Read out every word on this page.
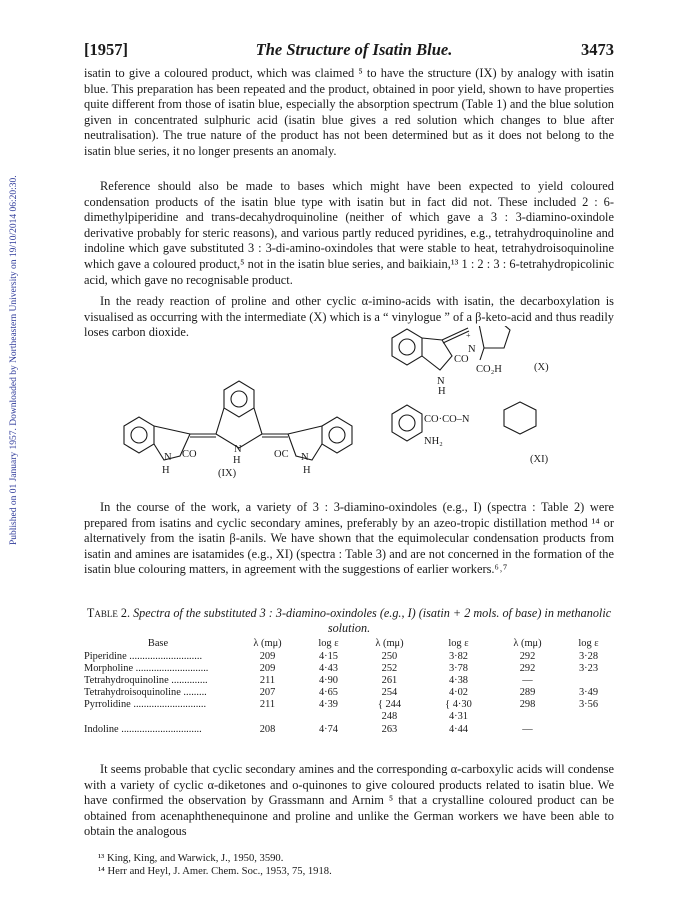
Published on 01 January 1957. Downloaded by Northeastern University on 19/10/2014 06:20:30.
[1957]	The Structure of Isatin Blue.	3473

isatin to give a coloured product, which was claimed ⁵ to have the structure (IX) by analogy with isatin blue. This preparation has been repeated and the product, obtained in poor yield, shown to have properties quite different from those of isatin blue, especially the absorption spectrum (Table 1) and the blue solution given in concentrated sulphuric acid (isatin blue gives a red solution which changes to blue after neutralisation). The true nature of the product has not been determined but as it does not belong to the isatin blue series, it no longer presents an anomaly.

Reference should also be made to bases which might have been expected to yield coloured condensation products of the isatin blue type with isatin but in fact did not. These included 2 : 6-dimethylpiperidine and trans-decahydroquinoline (neither of which gave a 3 : 3-diamino-oxindole derivative probably for steric reasons), and various partly reduced pyridines, e.g., tetrahydroquinoline and indoline which gave substituted 3 : 3-di-amino-oxindoles that were stable to heat, tetrahydroisoquinoline which gave a coloured product,⁵ not in the isatin blue series, and baikiain,¹³ 1 : 2 : 3 : 6-tetrahydropicolinic acid, which gave no recognisable product.

In the ready reaction of proline and other cyclic α-imino-acids with isatin, the decarboxylation is visualised as occurring with the intermediate (X) which is a “ vinylogue ” of a β-keto-acid and thus readily loses carbon dioxide.

N
H
CO	N
H
OC N
H
(IX)
N
H
CO
N
+
CO₂H	(X)
CO·CO–N
NH₂
(XI)

In the course of the work, a variety of 3 : 3-diamino-oxindoles (e.g., I) (spectra : Table 2) were prepared from isatins and cyclic secondary amines, preferably by an azeo-tropic distillation method ¹⁴ or alternatively from the isatin β-anils. We have shown that the equimolecular condensation products from isatin and amines are isatamides (e.g., XI) (spectra : Table 3) and are not concerned in the formation of the isatin blue colouring matters, in agreement with the suggestions of earlier workers.⁶˒⁷

Table 2. Spectra of the substituted 3 : 3-diamino-oxindoles (e.g., I) (isatin + 2 mols. of base) in methanolic solution.
Base	λ (mμ)	log ε	λ (mμ)	log ε	λ (mμ)	log ε
Piperidine ............................	209	4·15	250	3·82	292	3·28
Morpholine ............................	209	4·43	252	3·78	292	3·23
Tetrahydroquinoline ..............	211	4·90	261	4·38	—	
Tetrahydroisoquinoline .........	207	4·65	254	4·02	289	3·49
Pyrrolidine ............................	211	4·39	{ 244	{ 4·30	298	3·56
			248	4·31		
Indoline ...............................	208	4·74	263	4·44	—	

It seems probable that cyclic secondary amines and the corresponding α-carboxylic acids will condense with a variety of cyclic α-diketones and o-quinones to give coloured products related to isatin blue. We have confirmed the observation by Grassmann and Arnim ⁵ that a crystalline coloured product can be obtained from acenaphthenequinone and proline and unlike the German workers we have been able to obtain the analogous

¹³ King, King, and Warwick, J., 1950, 3590.
¹⁴ Herr and Heyl, J. Amer. Chem. Soc., 1953, 75, 1918.
